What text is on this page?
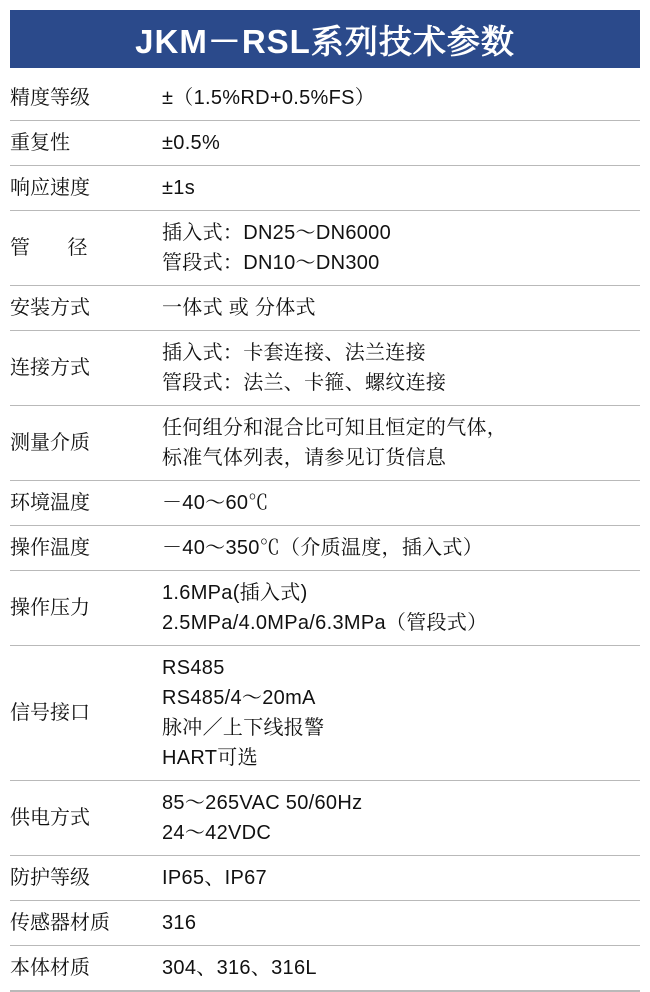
JKM－RSL系列技术参数
精度等级	±（1.5%RD+0.5%FS）

重复性	±0.5%

响应速度	±1s

管 径	插入式：DN25～DN6000
管段式：DN10～DN300

安装方式	一体式 或 分体式

连接方式	插入式：卡套连接、法兰连接
管段式：法兰、卡箍、螺纹连接

测量介质	任何组分和混合比可知且恒定的气体，
标准气体列表，请参见订货信息

环境温度	－40～60℃

操作温度	－40～350℃（介质温度，插入式）

操作压力	1.6MPa(插入式)
2.5MPa/4.0MPa/6.3MPa（管段式）

信号接口	RS485
RS485/4～20mA
脉冲／上下线报警
HART可选

供电方式	85～265VAC 50/60Hz
24～42VDC

防护等级	IP65、IP67

传感器材质	316

本体材质	304、316、316L
